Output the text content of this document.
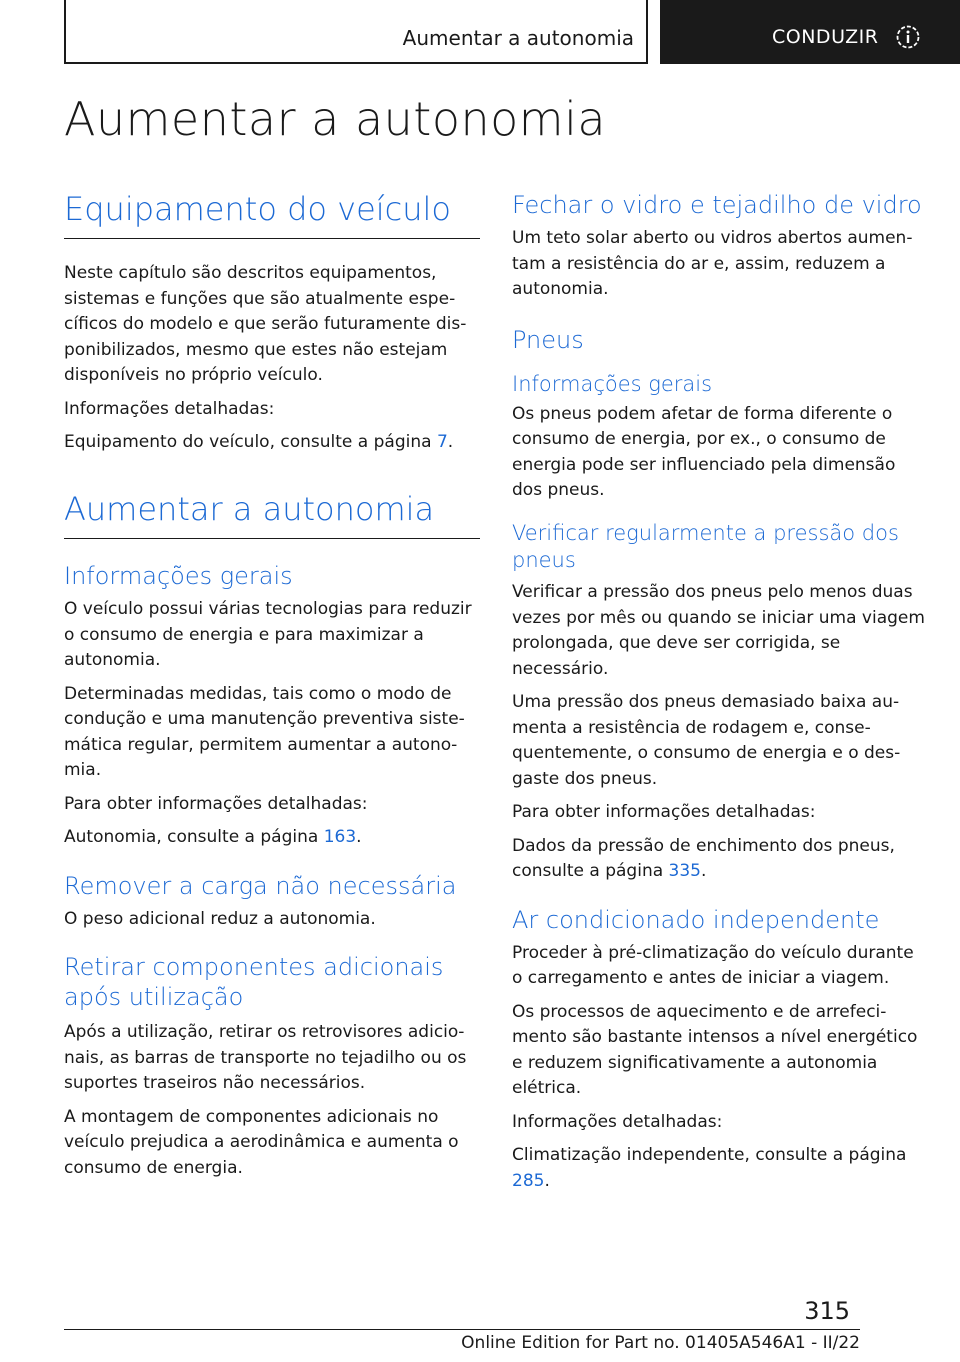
Aumentar a autonomia	CONDUZIR
Aumentar a autonomia
Equipamento do veículo

Neste capítulo são descritos equipamentos, sistemas e funções que são atualmente específicos do modelo e que serão futuramente disponibilizados, mesmo que estes não estejam disponíveis no próprio veículo.

Informações detalhadas:

Equipamento do veículo, consulte a página 7.

Aumentar a autonomia
Informações gerais

O veículo possui várias tecnologias para reduzir o consumo de energia e para maximizar a autonomia.

Determinadas medidas, tais como o modo de condução e uma manutenção preventiva sistemática regular, permitem aumentar a autonomia.

Para obter informações detalhadas:

Autonomia, consulte a página 163.

Remover a carga não necessária

O peso adicional reduz a autonomia.

Retirar componentes adicionais após utilização

Após a utilização, retirar os retrovisores adicionais, as barras de transporte no tejadilho ou os suportes traseiros não necessários.

A montagem de componentes adicionais no veículo prejudica a aerodinâmica e aumenta o consumo de energia.

Fechar o vidro e tejadilho de vidro

Um teto solar aberto ou vidros abertos aumentam a resistência do ar e, assim, reduzem a autonomia.

Pneus
Informações gerais

Os pneus podem afetar de forma diferente o consumo de energia, por ex., o consumo de energia pode ser influenciado pela dimensão dos pneus.

Verificar regularmente a pressão dos pneus

Verificar a pressão dos pneus pelo menos duas vezes por mês ou quando se iniciar uma viagem prolongada, que deve ser corrigida, se necessário.

Uma pressão dos pneus demasiado baixa aumenta a resistência de rodagem e, consequentemente, o consumo de energia e o desgaste dos pneus.

Para obter informações detalhadas:

Dados da pressão de enchimento dos pneus, consulte a página 335.

Ar condicionado independente

Proceder à pré-climatização do veículo durante o carregamento e antes de iniciar a viagem.

Os processos de aquecimento e de arrefecimento são bastante intensos a nível energético e reduzem significativamente a autonomia elétrica.

Informações detalhadas:

Climatização independente, consulte a página 285.

315
Online Edition for Part no. 01405A546A1 - II/22
